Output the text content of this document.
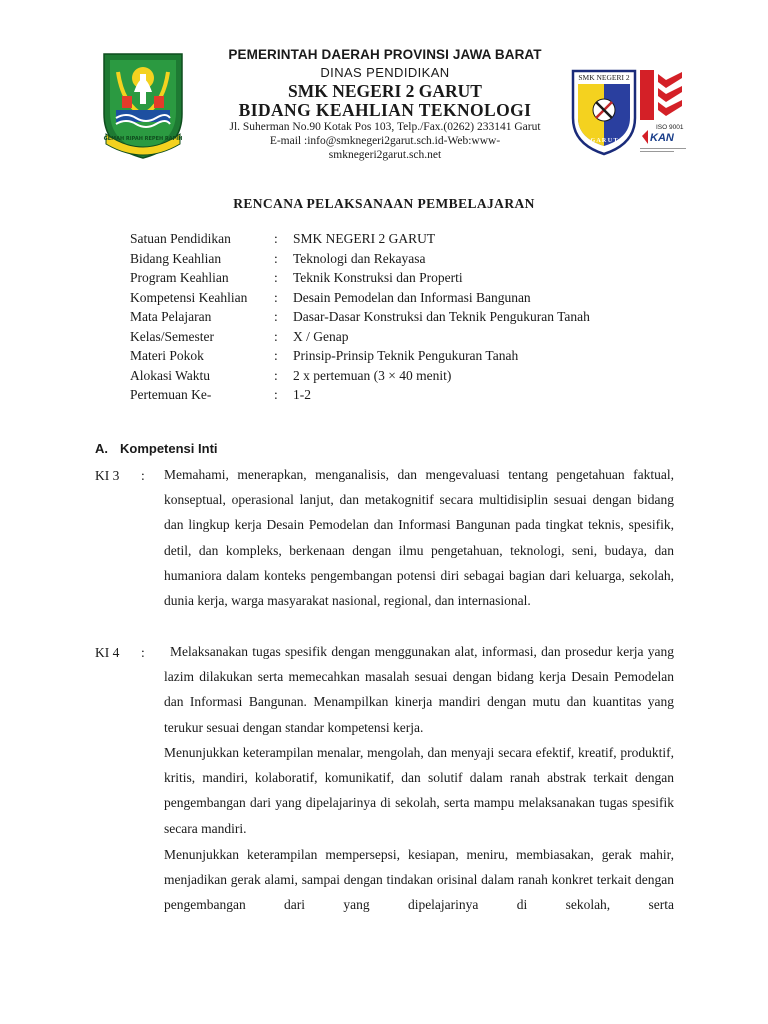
GEMAH RIPAH REPEH RAPIH
PEMERINTAH DAERAH PROVINSI JAWA BARAT
DINAS PENDIDIKAN
SMK NEGERI 2 GARUT
BIDANG KEAHLIAN TEKNOLOGI
Jl. Suherman No.90 Kotak Pos 103, Telp./Fax.(0262) 233141 Garut
E-mail :info@smknegeri2garut.sch.id-Web:www-
smknegeri2garut.sch.net
SMK NEGERI 2
G A R U T
ISO 9001
KAN
RENCANA PELAKSANAAN PEMBELAJARAN
Satuan Pendidikan	: SMK NEGERI 2 GARUT
Bidang Keahlian	: Teknologi dan Rekayasa
Program Keahlian	: Teknik Konstruksi dan Properti
Kompetensi Keahlian : Desain Pemodelan dan Informasi Bangunan
Mata Pelajaran	: Dasar-Dasar Konstruksi dan Teknik Pengukuran Tanah
Kelas/Semester	: X / Genap
Materi Pokok	: Prinsip-Prinsip Teknik Pengukuran Tanah
Alokasi Waktu	: 2 x pertemuan (3 × 40 menit)
Pertemuan Ke-	: 1-2
A. Kompetensi Inti
KI 3 : Memahami, menerapkan, menganalisis, dan mengevaluasi tentang pengetahuan faktual, konseptual, operasional lanjut, dan metakognitif secara multidisiplin sesuai dengan bidang dan lingkup kerja Desain Pemodelan dan Informasi Bangunan pada tingkat teknis, spesifik, detil, dan kompleks, berkenaan dengan ilmu pengetahuan, teknologi, seni, budaya, dan humaniora dalam konteks pengembangan potensi diri sebagai bagian dari keluarga, sekolah, dunia kerja, warga masyarakat nasional, regional, dan internasional.
KI 4 :	Melaksanakan tugas spesifik dengan menggunakan alat, informasi, dan prosedur kerja yang lazim dilakukan serta memecahkan masalah sesuai dengan bidang kerja Desain Pemodelan dan Informasi Bangunan. Menampilkan kinerja mandiri dengan mutu dan kuantitas yang terukur sesuai dengan standar kompetensi kerja.
Menunjukkan keterampilan menalar, mengolah, dan menyaji secara efektif, kreatif, produktif, kritis, mandiri, kolaboratif, komunikatif, dan solutif dalam ranah abstrak terkait dengan pengembangan dari yang dipelajarinya di sekolah, serta mampu melaksanakan tugas spesifik secara mandiri.
Menunjukkan keterampilan mempersepsi, kesiapan, meniru, membiasakan, gerak mahir, menjadikan gerak alami, sampai dengan tindakan orisinal dalam ranah konkret terkait dengan pengembangan dari yang dipelajarinya di sekolah, serta
